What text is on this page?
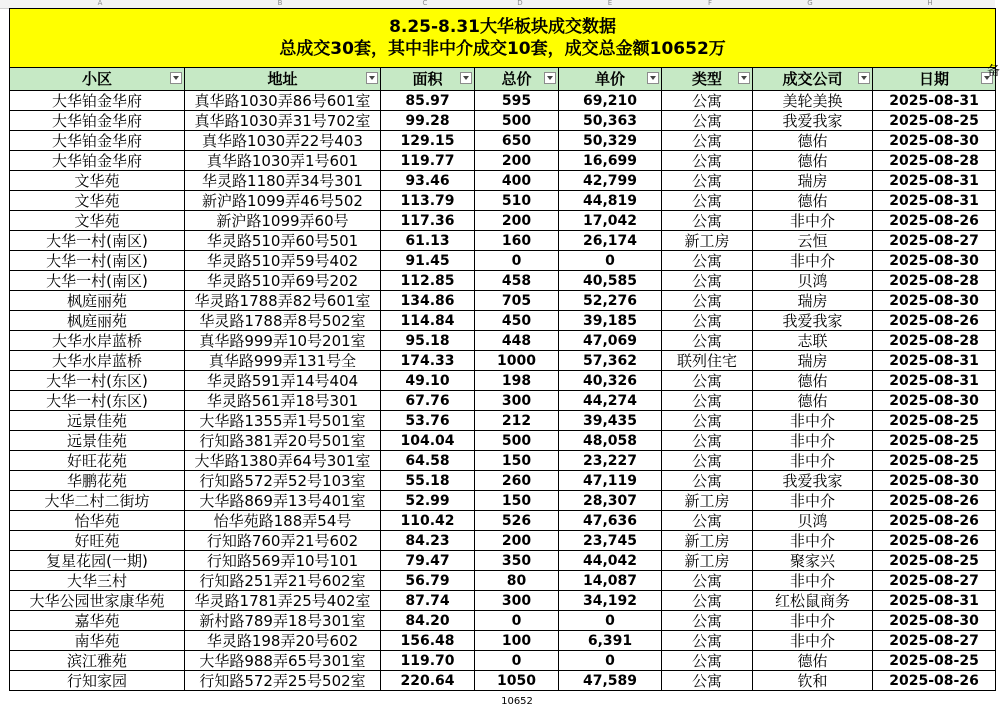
A	B	C	D	E	F	G	H
8.25-8.31大华板块成交数据
总成交30套，其中非中介成交10套，成交总金额10652万							

小区	地址	面积	总价	单价	类型	成交公司	日期

大华铂金华府	真华路1030弄86号601室	85.97	595	69,210	公寓	美轮美换	2025-08-31
大华铂金华府	真华路1030弄31号702室	99.28	500	50,363	公寓	我爱我家	2025-08-25
大华铂金华府	真华路1030弄22号403	129.15	650	50,329	公寓	德佑	2025-08-30
大华铂金华府	真华路1030弄1号601	119.77	200	16,699	公寓	德佑	2025-08-28
文华苑	华灵路1180弄34号301	93.46	400	42,799	公寓	瑞房	2025-08-31
文华苑	新沪路1099弄46号502	113.79	510	44,819	公寓	德佑	2025-08-31
文华苑	新沪路1099弄60号	117.36	200	17,042	公寓	非中介	2025-08-26
大华一村(南区)	华灵路510弄60号501	61.13	160	26,174	新工房	云恒	2025-08-27
大华一村(南区)	华灵路510弄59号402	91.45	0	0	公寓	非中介	2025-08-30
大华一村(南区)	华灵路510弄69号202	112.85	458	40,585	公寓	贝鸿	2025-08-28
枫庭丽苑	华灵路1788弄82号601室	134.86	705	52,276	公寓	瑞房	2025-08-30
枫庭丽苑	华灵路1788弄8号502室	114.84	450	39,185	公寓	我爱我家	2025-08-26
大华水岸蓝桥	真华路999弄10号201室	95.18	448	47,069	公寓	志联	2025-08-28
大华水岸蓝桥	真华路999弄131号全	174.33	1000	57,362	联列住宅	瑞房	2025-08-31
大华一村(东区)	华灵路591弄14号404	49.10	198	40,326	公寓	德佑	2025-08-31
大华一村(东区)	华灵路561弄18号301	67.76	300	44,274	公寓	德佑	2025-08-30
远景佳苑	大华路1355弄1号501室	53.76	212	39,435	公寓	非中介	2025-08-25
远景佳苑	行知路381弄20号501室	104.04	500	48,058	公寓	非中介	2025-08-25
好旺花苑	大华路1380弄64号301室	64.58	150	23,227	公寓	非中介	2025-08-25
华鹏花苑	行知路572弄52号103室	55.18	260	47,119	公寓	我爱我家	2025-08-30
大华二村二街坊	大华路869弄13号401室	52.99	150	28,307	新工房	非中介	2025-08-26
怡华苑	怡华苑路188弄54号	110.42	526	47,636	公寓	贝鸿	2025-08-26
好旺苑	行知路760弄21号602	84.23	200	23,745	新工房	非中介	2025-08-26
复星花园(一期)	行知路569弄10号101	79.47	350	44,042	新工房	聚家兴	2025-08-25
大华三村	行知路251弄21号602室	56.79	80	14,087	公寓	非中介	2025-08-27
大华公园世家康华苑	华灵路1781弄25号402室	87.74	300	34,192	公寓	红松鼠商务	2025-08-31
嘉华苑	新村路789弄18号301室	84.20	0	0	公寓	非中介	2025-08-30
南华苑	华灵路198弄20号602	156.48	100	6,391	公寓	非中介	2025-08-27
滨江雅苑	大华路988弄65号301室	119.70	0	0	公寓	德佑	2025-08-25
行知家园	行知路572弄25号502室	220.64	1050	47,589	公寓	钦和	2025-08-26
备
10652
